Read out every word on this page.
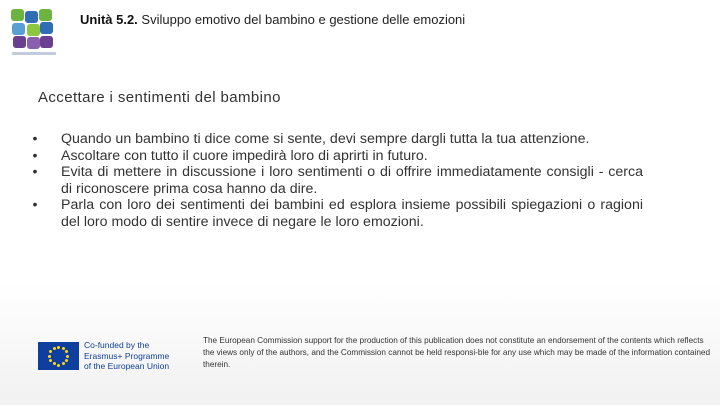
Unità 5.2. Sviluppo emotivo del bambino e gestione delle emozioni
Accettare i sentimenti del bambino
• Quando un bambino ti dice come si sente, devi sempre dargli tutta la tua attenzione.
• Ascoltare con tutto il cuore impedirà loro di aprirti in futuro.
• Evita di mettere in discussione i loro sentimenti o di offrire immediatamente consigli - cerca di riconoscere prima cosa hanno da dire.
• Parla con loro dei sentimenti dei bambini ed esplora insieme possibili spiegazioni o ragioni del loro modo di sentire invece di negare le loro emozioni.
Co-funded by the
Erasmus+ Programme
of the European Union
The European Commission support for the production of this publication does not constitute an endorsement of the contents which reflects the views only of the authors, and the Commission cannot be held responsi-ble for any use which may be made of the information contained therein.
